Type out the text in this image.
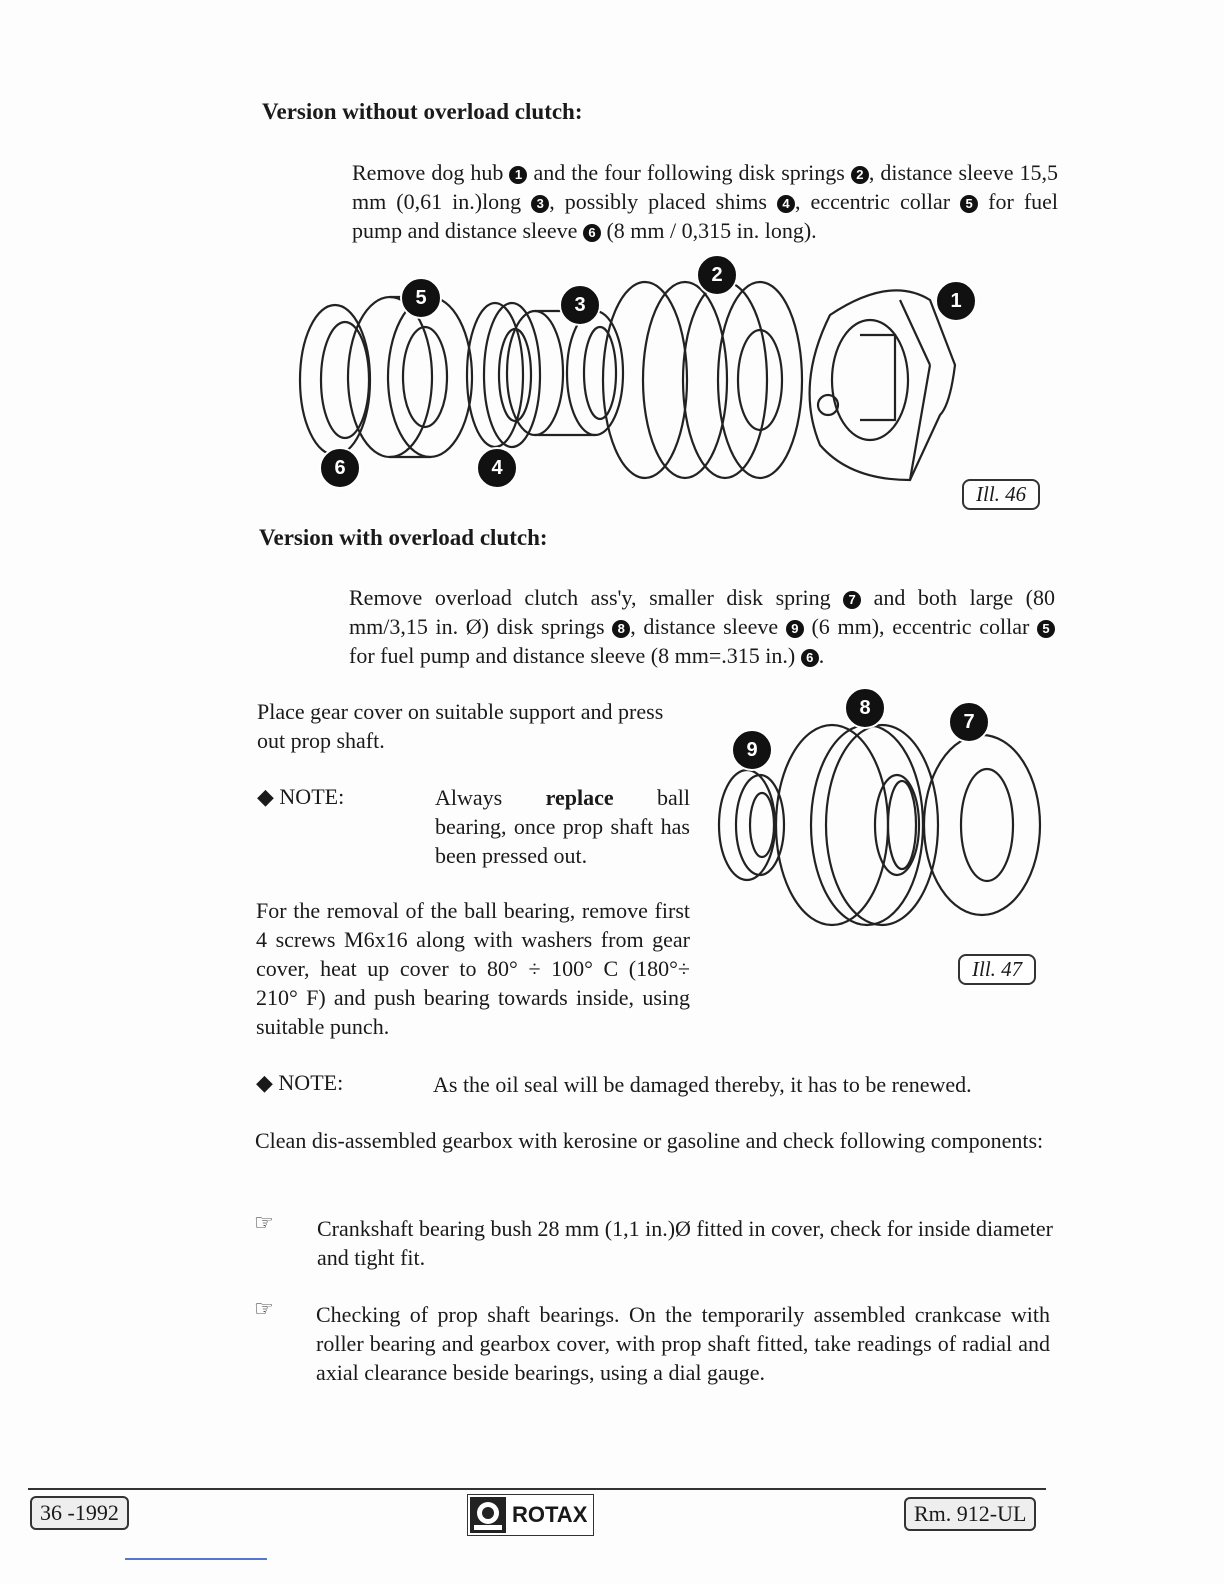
Version without overload clutch:
Remove dog hub 1 and the four following disk springs 2 , distance sleeve 15,5 mm (0,61 in.)long 3 , possibly placed shims 4 , eccentric collar 5 for fuel pump and distance sleeve 6 (8 mm / 0,315 in. long).
5	3
2
1
6	4
Ill. 46
Version with overload clutch:
Remove overload clutch ass'y, smaller disk spring 7 and both large (80 mm/3,15 in. Ø) disk springs 8 , distance sleeve 9 (6 mm), eccentric collar 5 for fuel pump and distance sleeve (8 mm=.315 in.) 6 .
Place gear cover on suitable support and press out prop shaft.
◆ NOTE:	Always replace ball bearing, once prop shaft has been pressed out.
For the removal of the ball bearing, remove first 4 screws M6x16 along with washers from gear cover, heat up cover to 80° ÷ 100° C (180°÷ 210° F) and push bearing towards inside, using suitable punch.
8
7
9
Ill. 47
◆ NOTE:	As the oil seal will be damaged thereby, it has to be renewed.
Clean dis-assembled gearbox with kerosine or gasoline and check following components:
☞ Crankshaft bearing bush 28 mm (1,1 in.)Ø fitted in cover, check for inside diameter and tight fit.
☞ Checking of prop shaft bearings. On the temporarily assembled crankcase with roller bearing and gearbox cover, with prop shaft fitted, take readings of radial and axial clearance beside bearings, using a dial gauge.
36 -1992	ROTAX	Rm. 912-UL
